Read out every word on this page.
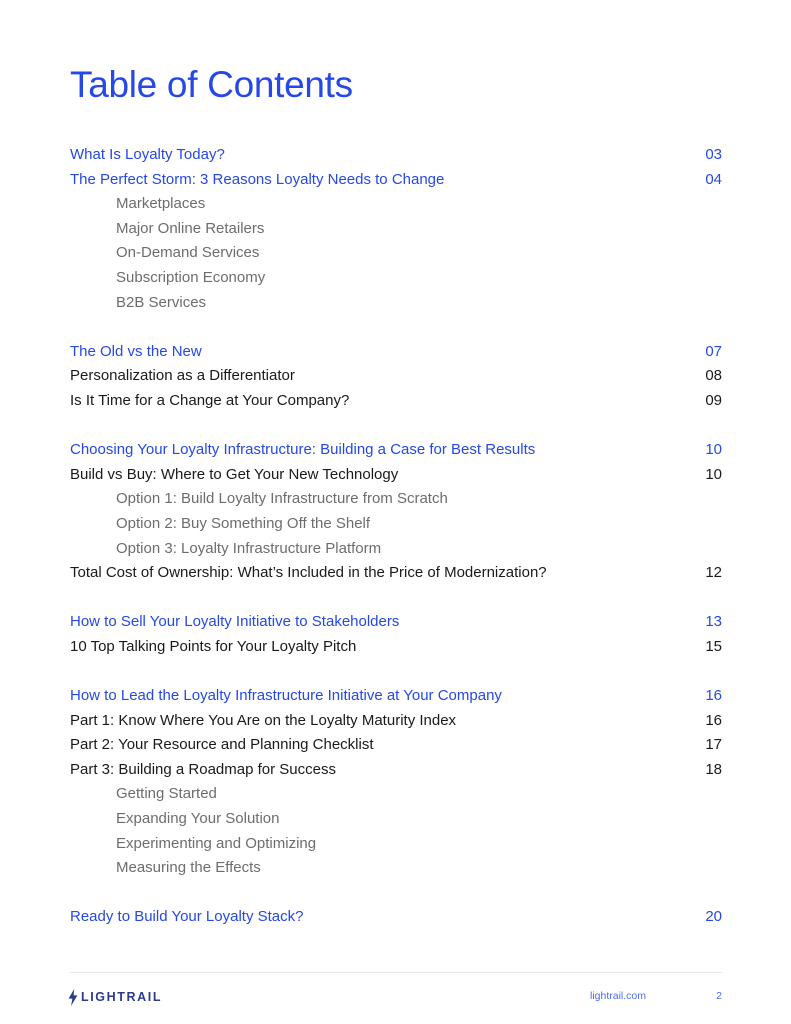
Table of Contents
What Is Loyalty Today?	03
The Perfect Storm: 3 Reasons Loyalty Needs to Change	04
Marketplaces
Major Online Retailers
On-Demand Services
Subscription Economy
B2B Services
The Old vs the New	07
Personalization as a Differentiator	08
Is It Time for a Change at Your Company?	09
Choosing Your Loyalty Infrastructure: Building a Case for Best Results	10
Build vs Buy: Where to Get Your New Technology	10
Option 1: Build Loyalty Infrastructure from Scratch
Option 2: Buy Something Off the Shelf
Option 3: Loyalty Infrastructure Platform
Total Cost of Ownership: What’s Included in the Price of Modernization?	12
How to Sell Your Loyalty Initiative to Stakeholders	13
10 Top Talking Points for Your Loyalty Pitch	15
How to Lead the Loyalty Infrastructure Initiative at Your Company	16
Part 1: Know Where You Are on the Loyalty Maturity Index	16
Part 2: Your Resource and Planning Checklist	17
Part 3: Building a Roadmap for Success	18
Getting Started
Expanding Your Solution
Experimenting and Optimizing
Measuring the Effects
Ready to Build Your Loyalty Stack?	20
LIGHTRAIL	lightrail.com	2
